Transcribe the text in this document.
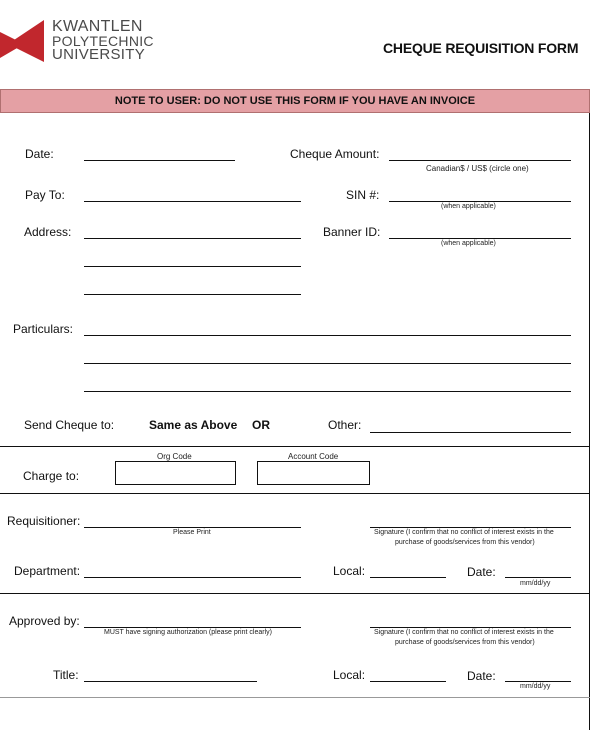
KWANTLEN
POLYTECHNIC
UNIVERSITY	CHEQUE REQUISITION FORM
NOTE TO USER: DO NOT USE THIS FORM IF YOU HAVE AN INVOICE
Date:	Cheque Amount:
Canadian$ / US$ (circle one)
Pay To:	SIN #:
(when applicable)
Address:	Banner ID:
(when applicable)
Particulars:
Send Cheque to:	Same as Above OR	Other:
Org Code	Account Code
Charge to:
Requisitioner:
Please Print	Signature (I confirm that no conflict of interest exists in the
purchase of goods/services from this vendor)
Department:	Local:	Date:
mm/dd/yy
Approved by:
MUST have signing authorization (please print clearly)	Signature (I confirm that no conflict of interest exists in the
purchase of goods/services from this vendor)
Title:	Local:	Date:
mm/dd/yy
